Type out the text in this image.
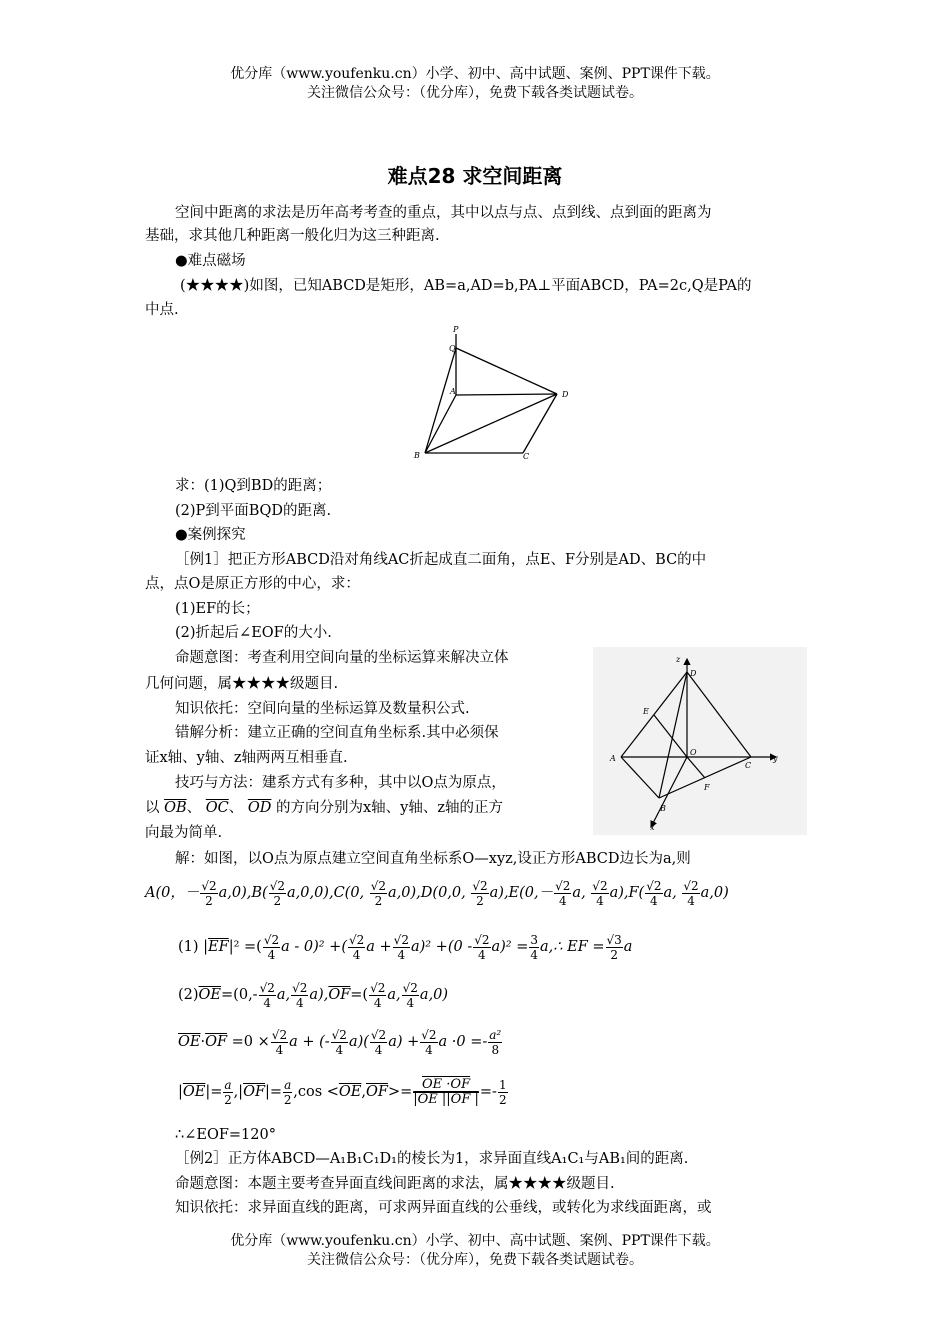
优分库（www.youfenku.cn）小学、初中、高中试题、案例、PPT课件下载。
关注微信公众号：（优分库），免费下载各类试题试卷。
难点28 求空间距离
空间中距离的求法是历年高考考查的重点，其中以点与点、点到线、点到面的距离为
基础，求其他几种距离一般化归为这三种距离.
●难点磁场
(★★★★)如图，已知ABCD是矩形，AB=a,AD=b,PA⊥平面ABCD，PA=2c,Q是PA的
中点.
P
Q
A	D
B	C
求：(1)Q到BD的距离；
(2)P到平面BQD的距离.
●案例探究
［例1］把正方形ABCD沿对角线AC折起成直二面角，点E、F分别是AD、BC的中
点，点O是原正方形的中心，求：
(1)EF的长；
(2)折起后∠EOF的大小.
命题意图：考查利用空间向量的坐标运算来解决立体
几何问题，属★★★★级题目.
知识依托：空间向量的坐标运算及数量积公式.
错解分析：建立正确的空间直角坐标系.其中必须保
证x轴、y轴、z轴两两互相垂直.
技巧与方法：建系方式有多种，其中以O点为原点，
以 $\overline{OB}$、 $\overline{OC}$、 $\overline{OD}$ 的方向分别为x轴、y轴、z轴的正方
向最为简单.
z
D
E
O
A
C
y
F
B
x
解：如图，以O点为原点建立空间直角坐标系O—xyz,设正方形ABCD边长为a,则
A(0，－ $\frac{√2}{2} a,0),B( \frac{√2}{2} a,0,0),C(0$, $\frac{√2}{2} a,0),D(0,0$, $\frac{√2}{2} a),E(0,- \frac{√2}{4} a$, $\frac{√2}{4} a),F( \frac{√2}{4} a$, $\frac{√2}{4} a,0$)
(1) $|\overline{EF}|^2$ =( $\frac{√2}{4}$ a - 0)² +( $\frac{√2}{4}$ $a + \frac{√2}{4} a)^2 +(0 - \frac{√2}{4} a)^2 = \frac{3}{4}$ a,∴ EF = $\frac{√3}{2}$ a
$(2)\overline{OE}=(0,- \frac{√2}{4} a$, $\frac{√2}{4} a),\overline{OF}=( \frac{√2}{4} a$, $\frac{√2}{4} a,0$)
$\overline{OE}\cdot\overline{OF} =0 \times \frac{√2}{4}$ a + (- $\frac{√2}{4} a)( \frac{√2}{4} a) + \frac{√2}{4}$ $a \cdot 0 =- \frac{\text{a²}}{8}$
$|\overline{OE}|= \frac{a}{2} ,|\overline{OF}|= \frac{a}{2} ,\cos <\overline{OE},\overline{OF}>= \frac{OE \cdot OF}{|OE ||OF |} =- \frac{1}{2}$
∴∠EOF=120°
［例2］正方体ABCD—A₁B₁C₁D₁的棱长为1，求异面直线A₁C₁与AB₁间的距离.
命题意图：本题主要考查异面直线间距离的求法，属★★★★级题目.
知识依托：求异面直线的距离，可求两异面直线的公垂线，或转化为求线面距离，或
优分库（www.youfenku.cn）小学、初中、高中试题、案例、PPT课件下载。
关注微信公众号：（优分库），免费下载各类试题试卷。
